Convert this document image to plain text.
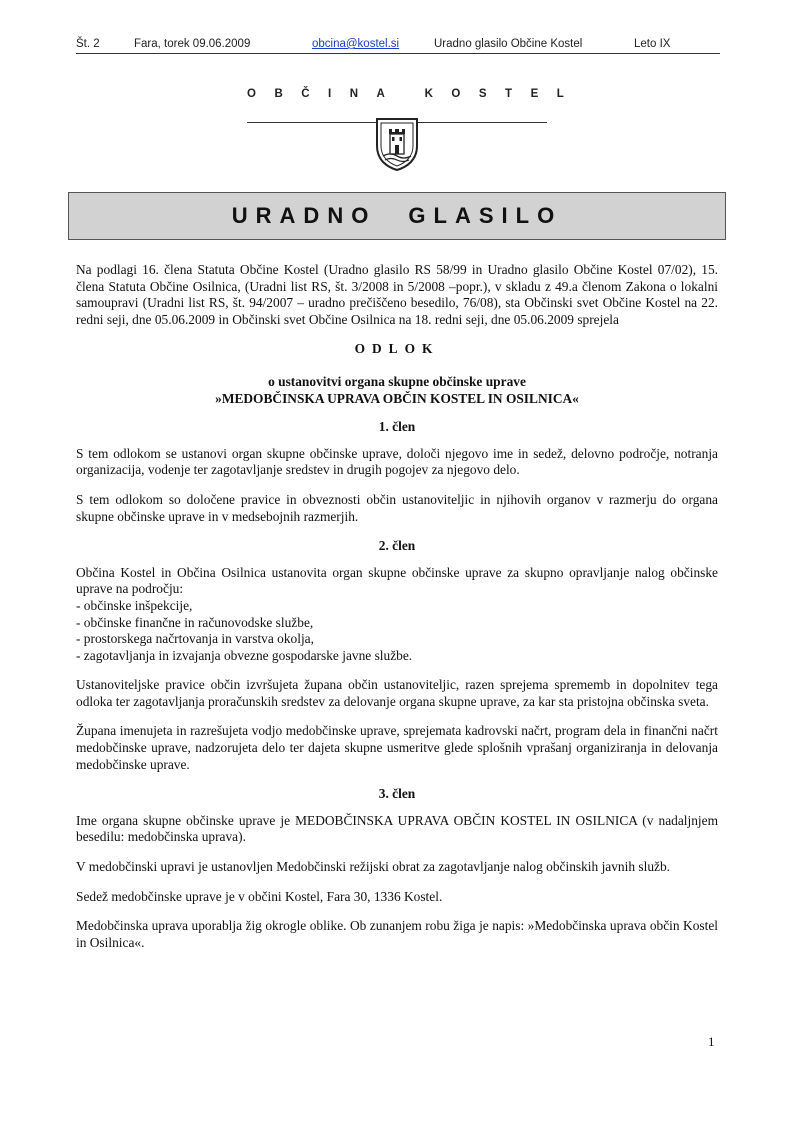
Št. 2	Fara, torek 09.06.2009	obcina@kostel.si	Uradno glasilo Občine Kostel	Leto IX
OBČINA KOSTEL
URADNO GLASILO

Na podlagi 16. člena Statuta Občine Kostel (Uradno glasilo RS 58/99 in Uradno glasilo Občine Kostel 07/02), 15. člena Statuta Občine Osilnica, (Uradni list RS, št. 3/2008 in 5/2008 –popr.), v skladu z 49.a členom Zakona o lokalni samoupravi (Uradni list RS, št. 94/2007 – uradno prečiščeno besedilo, 76/08), sta Občinski svet Občine Kostel na 22. redni seji, dne 05.06.2009 in Občinski svet Občine Osilnica na 18. redni seji, dne 05.06.2009 sprejela

ODLOK
o ustanovitvi organa skupne občinske uprave
»MEDOBČINSKA UPRAVA OBČIN KOSTEL IN OSILNICA«
1. člen

S tem odlokom se ustanovi organ skupne občinske uprave, določi njegovo ime in sedež, delovno področje, notranja organizacija, vodenje ter zagotavljanje sredstev in drugih pogojev za njegovo delo.

S tem odlokom so določene pravice in obveznosti občin ustanoviteljic in njihovih organov v razmerju do organa skupne občinske uprave in v medsebojnih razmerjih.

2. člen

Občina Kostel in Občina Osilnica ustanovita organ skupne občinske uprave za skupno opravljanje nalog občinske uprave na področju:

- občinske inšpekcije,
- občinske finančne in računovodske službe,
- prostorskega načrtovanja in varstva okolja,
- zagotavljanja in izvajanja obvezne gospodarske javne službe.

Ustanoviteljske pravice občin izvršujeta župana občin ustanoviteljic, razen sprejema sprememb in dopolnitev tega odloka ter zagotavljanja proračunskih sredstev za delovanje organa skupne uprave, za kar sta pristojna občinska sveta.

Župana imenujeta in razrešujeta vodjo medobčinske uprave, sprejemata kadrovski načrt, program dela in finančni načrt medobčinske uprave, nadzorujeta delo ter dajeta skupne usmeritve glede splošnih vprašanj organiziranja in delovanja medobčinske uprave.

3. člen

Ime organa skupne občinske uprave je MEDOBČINSKA UPRAVA OBČIN KOSTEL IN OSILNICA (v nadaljnjem besedilu: medobčinska uprava).

V medobčinski upravi je ustanovljen Medobčinski režijski obrat za zagotavljanje nalog občinskih javnih služb.

Sedež medobčinske uprave je v občini Kostel, Fara 30, 1336 Kostel.

Medobčinska uprava uporablja žig okrogle oblike. Ob zunanjem robu žiga je napis: »Medobčinska uprava občin Kostel in Osilnica«.

1
